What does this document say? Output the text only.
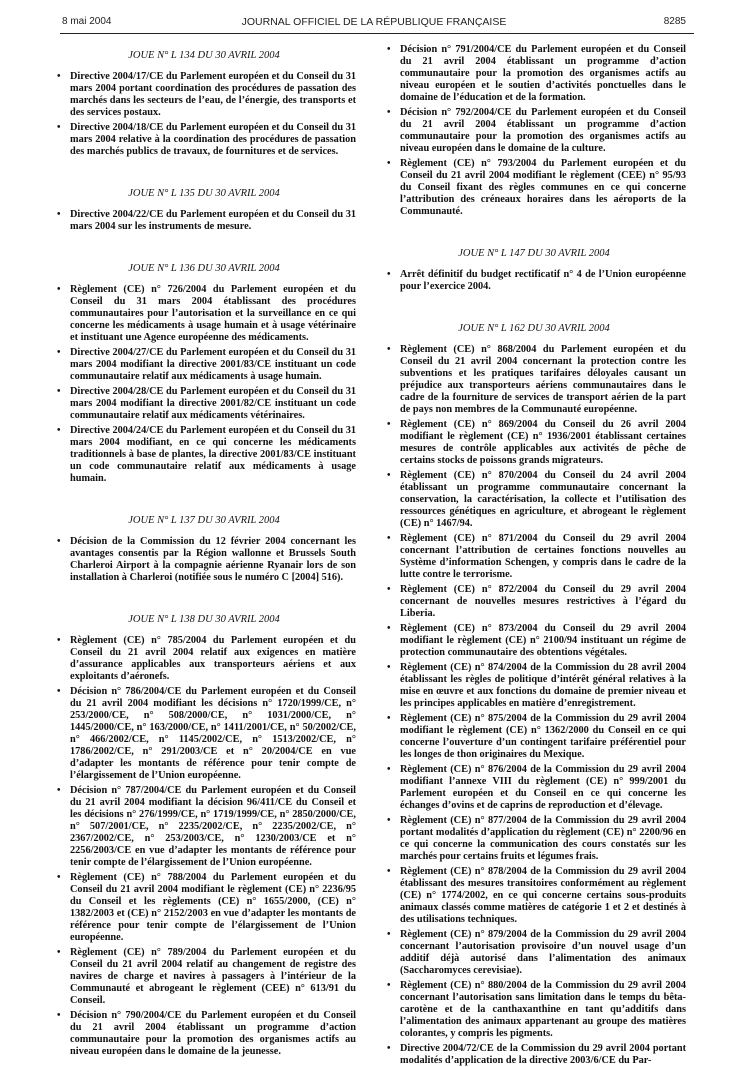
8 mai 2004	JOURNAL OFFICIEL DE LA RÉPUBLIQUE FRANÇAISE	8285
JOUE N° L 134 DU 30 AVRIL 2004
• Directive 2004/17/CE du Parlement européen et du Conseil du 31 mars 2004 portant coordination des procédures de passation des marchés dans les secteurs de l’eau, de l’énergie, des transports et des services postaux.
• Directive 2004/18/CE du Parlement européen et du Conseil du 31 mars 2004 relative à la coordination des procédures de passation des marchés publics de travaux, de fournitures et de services.
JOUE N° L 135 DU 30 AVRIL 2004
• Directive 2004/22/CE du Parlement européen et du Conseil du 31 mars 2004 sur les instruments de mesure.
JOUE N° L 136 DU 30 AVRIL 2004
• Règlement (CE) n° 726/2004 du Parlement européen et du Conseil du 31 mars 2004 établissant des procédures communautaires pour l’autorisation et la surveillance en ce qui concerne les médicaments à usage humain et à usage vétérinaire et instituant une Agence européenne des médicaments.
• Directive 2004/27/CE du Parlement européen et du Conseil du 31 mars 2004 modifiant la directive 2001/83/CE instituant un code communautaire relatif aux médicaments à usage humain.
• Directive 2004/28/CE du Parlement européen et du Conseil du 31 mars 2004 modifiant la directive 2001/82/CE instituant un code communautaire relatif aux médicaments vétérinaires.
• Directive 2004/24/CE du Parlement européen et du Conseil du 31 mars 2004 modifiant, en ce qui concerne les médicaments traditionnels à base de plantes, la directive 2001/83/CE instituant un code communautaire relatif aux médicaments à usage humain.
JOUE N° L 137 DU 30 AVRIL 2004
• Décision de la Commission du 12 février 2004 concernant les avantages consentis par la Région wallonne et Brussels South Charleroi Airport à la compagnie aérienne Ryanair lors de son installation à Charleroi (notifiée sous le numéro C [2004] 516).
JOUE N° L 138 DU 30 AVRIL 2004
• Règlement (CE) n° 785/2004 du Parlement européen et du Conseil du 21 avril 2004 relatif aux exigences en matière d’assurance applicables aux transporteurs aériens et aux exploitants d’aéronefs.
• Décision n° 786/2004/CE du Parlement européen et du Conseil du 21 avril 2004 modifiant les décisions n° 1720/1999/CE, n° 253/2000/CE, n° 508/2000/CE, n° 1031/2000/CE, n° 1445/2000/CE, n° 163/2000/CE, n° 1411/2001/CE, n° 50/2002/CE, n° 466/2002/CE, n° 1145/2002/CE, n° 1513/2002/CE, n° 1786/2002/CE, n° 291/2003/CE et n° 20/2004/CE en vue d’adapter les montants de référence pour tenir compte de l’élargissement de l’Union européenne.
• Décision n° 787/2004/CE du Parlement européen et du Conseil du 21 avril 2004 modifiant la décision 96/411/CE du Conseil et les décisions n° 276/1999/CE, n° 1719/1999/CE, n° 2850/2000/CE, n° 507/2001/CE, n° 2235/2002/CE, n° 2235/2002/CE, n° 2367/2002/CE, n° 253/2003/CE, n° 1230/2003/CE et n° 2256/2003/CE en vue d’adapter les montants de référence pour tenir compte de l’élargissement de l’Union européenne.
• Règlement (CE) n° 788/2004 du Parlement européen et du Conseil du 21 avril 2004 modifiant le règlement (CE) n° 2236/95 du Conseil et les règlements (CE) n° 1655/2000, (CE) n° 1382/2003 et (CE) n° 2152/2003 en vue d’adapter les montants de référence pour tenir compte de l’élargissement de l’Union européenne.
• Règlement (CE) n° 789/2004 du Parlement européen et du Conseil du 21 avril 2004 relatif au changement de registre des navires de charge et navires à passagers à l’intérieur de la Communauté et abrogeant le règlement (CEE) n° 613/91 du Conseil.
• Décision n° 790/2004/CE du Parlement européen et du Conseil du 21 avril 2004 établissant un programme d’action communautaire pour la promotion des organismes actifs au niveau européen dans le domaine de la jeunesse.
• Décision n° 791/2004/CE du Parlement européen et du Conseil du 21 avril 2004 établissant un programme d’action communautaire pour la promotion des organismes actifs au niveau européen et le soutien d’activités ponctuelles dans le domaine de l’éducation et de la formation.
• Décision n° 792/2004/CE du Parlement européen et du Conseil du 21 avril 2004 établissant un programme d’action communautaire pour la promotion des organismes actifs au niveau européen dans le domaine de la culture.
• Règlement (CE) n° 793/2004 du Parlement européen et du Conseil du 21 avril 2004 modifiant le règlement (CEE) n° 95/93 du Conseil fixant des règles communes en ce qui concerne l’attribution des créneaux horaires dans les aéroports de la Communauté.
JOUE N° L 147 DU 30 AVRIL 2004
• Arrêt définitif du budget rectificatif n° 4 de l’Union européenne pour l’exercice 2004.
JOUE N° L 162 DU 30 AVRIL 2004
• Règlement (CE) n° 868/2004 du Parlement européen et du Conseil du 21 avril 2004 concernant la protection contre les subventions et les pratiques tarifaires déloyales causant un préjudice aux transporteurs aériens communautaires dans le cadre de la fourniture de services de transport aérien de la part de pays non membres de la Communauté européenne.
• Règlement (CE) n° 869/2004 du Conseil du 26 avril 2004 modifiant le règlement (CE) n° 1936/2001 établissant certaines mesures de contrôle applicables aux activités de pêche de certains stocks de poissons grands migrateurs.
• Règlement (CE) n° 870/2004 du Conseil du 24 avril 2004 établissant un programme communautaire concernant la conservation, la caractérisation, la collecte et l’utilisation des ressources génétiques en agriculture, et abrogeant le règlement (CE) n° 1467/94.
• Règlement (CE) n° 871/2004 du Conseil du 29 avril 2004 concernant l’attribution de certaines fonctions nouvelles au Système d’information Schengen, y compris dans le cadre de la lutte contre le terrorisme.
• Règlement (CE) n° 872/2004 du Conseil du 29 avril 2004 concernant de nouvelles mesures restrictives à l’égard du Liberia.
• Règlement (CE) n° 873/2004 du Conseil du 29 avril 2004 modifiant le règlement (CE) n° 2100/94 instituant un régime de protection communautaire des obtentions végétales.
• Règlement (CE) n° 874/2004 de la Commission du 28 avril 2004 établissant les règles de politique d’intérêt général relatives à la mise en œuvre et aux fonctions du domaine de premier niveau et les principes applicables en matière d’enregistrement.
• Règlement (CE) n° 875/2004 de la Commission du 29 avril 2004 modifiant le règlement (CE) n° 1362/2000 du Conseil en ce qui concerne l’ouverture d’un contingent tarifaire préférentiel pour les longes de thon originaires du Mexique.
• Règlement (CE) n° 876/2004 de la Commission du 29 avril 2004 modifiant l’annexe VIII du règlement (CE) n° 999/2001 du Parlement européen et du Conseil en ce qui concerne les échanges d’ovins et de caprins de reproduction et d’élevage.
• Règlement (CE) n° 877/2004 de la Commission du 29 avril 2004 portant modalités d’application du règlement (CE) n° 2200/96 en ce qui concerne la communication des cours constatés sur les marchés pour certains fruits et légumes frais.
• Règlement (CE) n° 878/2004 de la Commission du 29 avril 2004 établissant des mesures transitoires conformément au règlement (CE) n° 1774/2002, en ce qui concerne certains sous-produits animaux classés comme matières de catégorie 1 et 2 et destinés à des utilisations techniques.
• Règlement (CE) n° 879/2004 de la Commission du 29 avril 2004 concernant l’autorisation provisoire d’un nouvel usage d’un additif déjà autorisé dans l’alimentation des animaux (Saccharomyces cerevisiae).
• Règlement (CE) n° 880/2004 de la Commission du 29 avril 2004 concernant l’autorisation sans limitation dans le temps du bêta-carotène et de la canthaxanthine en tant qu’additifs dans l’alimentation des animaux appartenant au groupe des matières colorantes, y compris les pigments.
• Directive 2004/72/CE de la Commission du 29 avril 2004 portant modalités d’application de la directive 2003/6/CE du Par-
